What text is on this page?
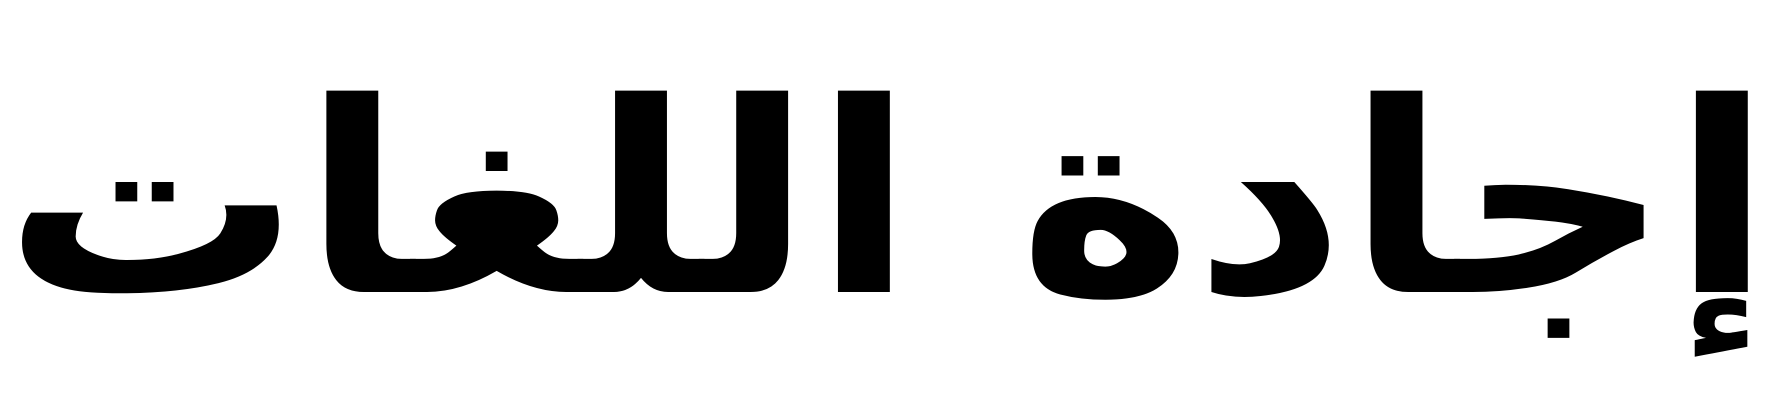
إجادة اللغات
